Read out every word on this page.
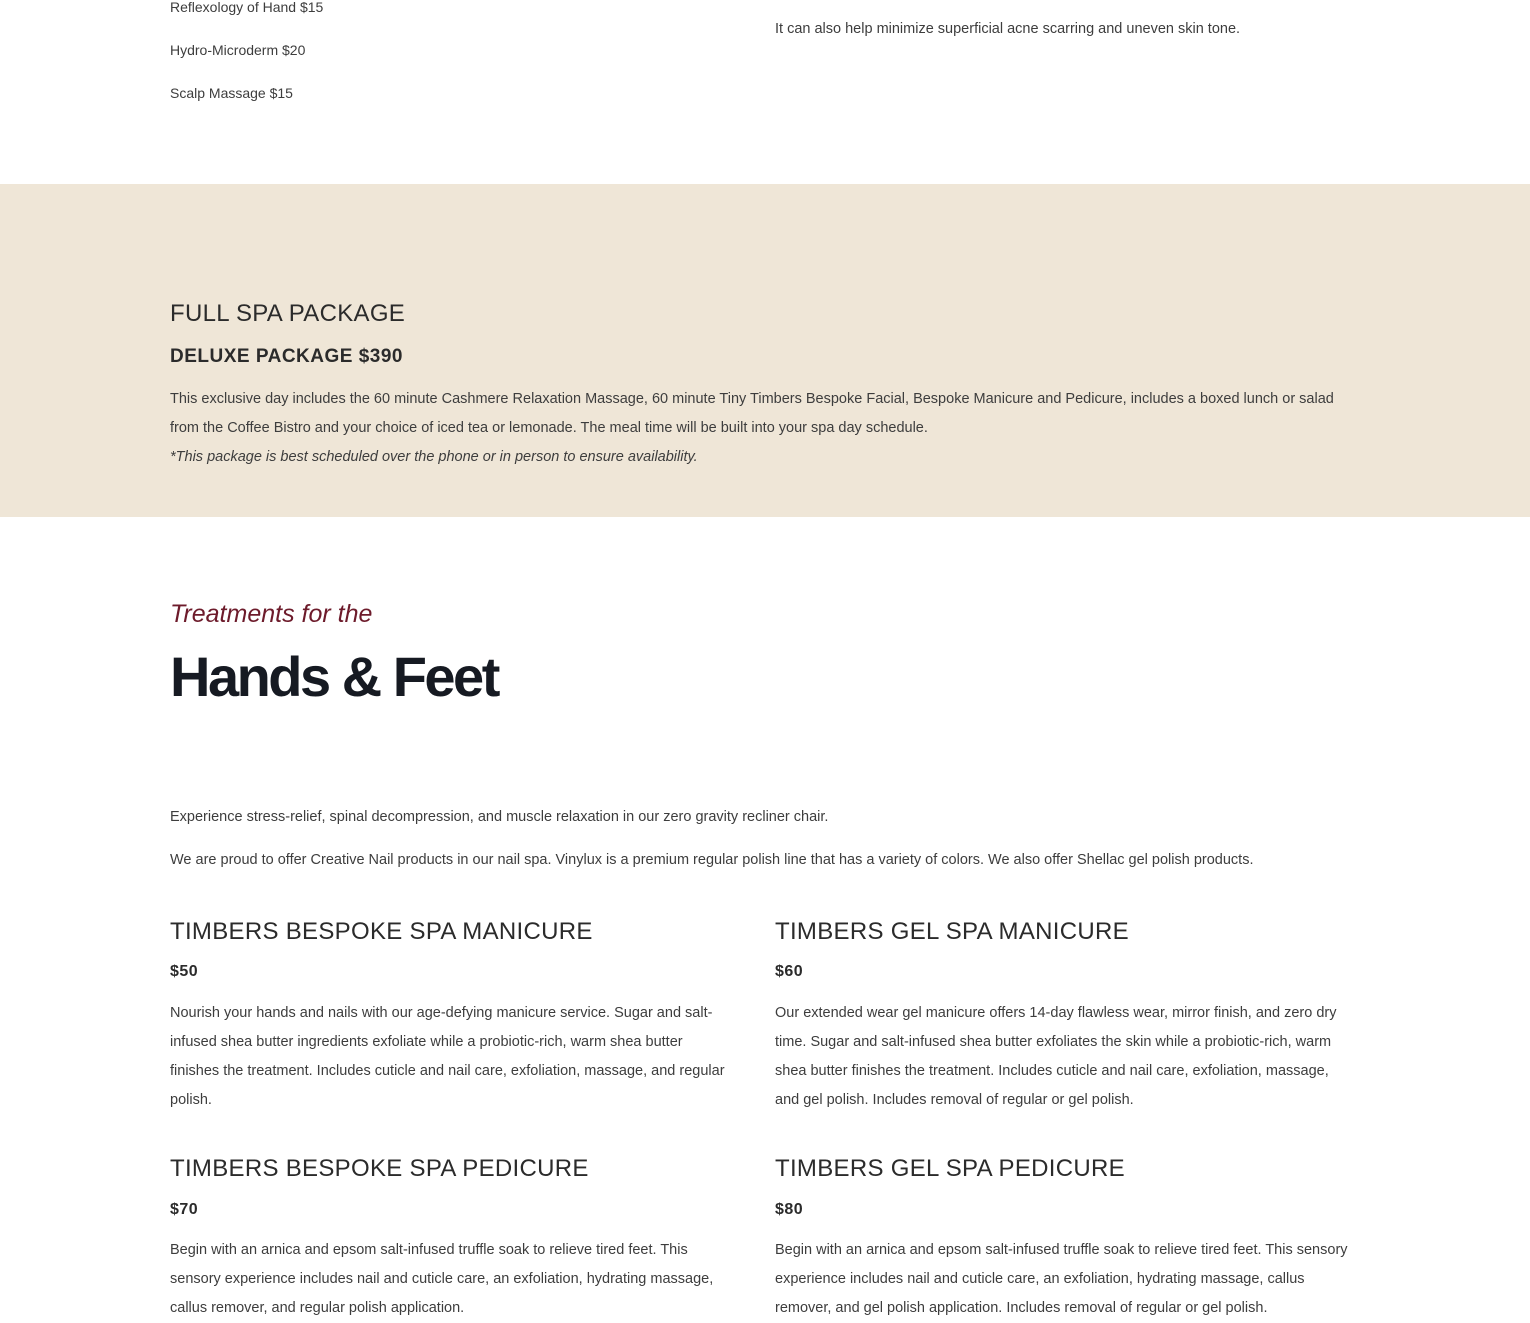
Reflexology of Hand $15
Hydro-Microderm $20
Scalp Massage $15
It can also help minimize superficial acne scarring and uneven skin tone.
FULL SPA PACKAGE
DELUXE PACKAGE $390
This exclusive day includes the 60 minute Cashmere Relaxation Massage, 60 minute Tiny Timbers Bespoke Facial, Bespoke Manicure and Pedicure, includes a boxed lunch or salad from the Coffee Bistro and your choice of iced tea or lemonade. The meal time will be built into your spa day schedule.
*This package is best scheduled over the phone or in person to ensure availability.
Treatments for the
Hands & Feet
Experience stress-relief, spinal decompression, and muscle relaxation in our zero gravity recliner chair.
We are proud to offer Creative Nail products in our nail spa. Vinylux is a premium regular polish line that has a variety of colors. We also offer Shellac gel polish products.
TIMBERS BESPOKE SPA MANICURE
$50
Nourish your hands and nails with our age-defying manicure service. Sugar and salt-infused shea butter ingredients exfoliate while a probiotic-rich, warm shea butter finishes the treatment. Includes cuticle and nail care, exfoliation, massage, and regular polish.
TIMBERS GEL SPA MANICURE
$60
Our extended wear gel manicure offers 14-day flawless wear, mirror finish, and zero dry time. Sugar and salt-infused shea butter exfoliates the skin while a probiotic-rich, warm shea butter finishes the treatment. Includes cuticle and nail care, exfoliation, massage, and gel polish. Includes removal of regular or gel polish.
TIMBERS BESPOKE SPA PEDICURE
$70
Begin with an arnica and epsom salt-infused truffle soak to relieve tired feet. This sensory experience includes nail and cuticle care, an exfoliation, hydrating massage, callus remover, and regular polish application.
TIMBERS GEL SPA PEDICURE
$80
Begin with an arnica and epsom salt-infused truffle soak to relieve tired feet. This sensory experience includes nail and cuticle care, an exfoliation, hydrating massage, callus remover, and gel polish application. Includes removal of regular or gel polish.
